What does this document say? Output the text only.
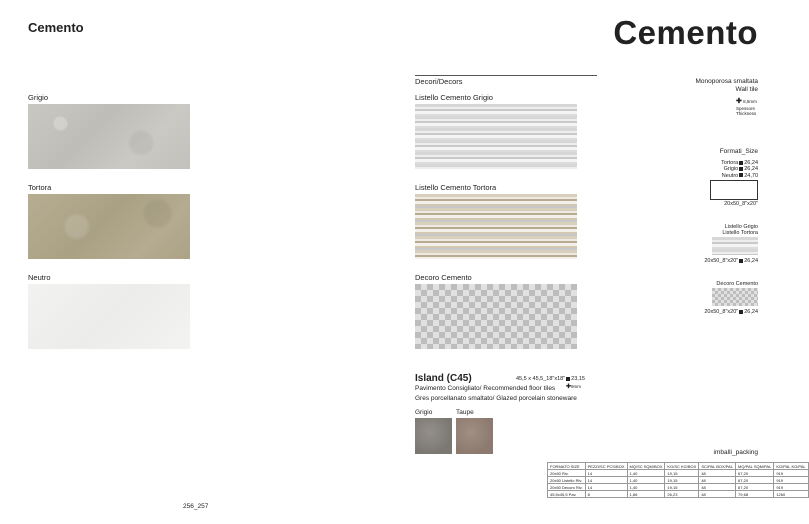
Cemento
Grigio
Tortora
Neutro
256_257
Cemento
Decori/Decors
Listello Cemento Grigio
Listello Cemento Tortora
Decoro Cemento
Monoporosa smaltata
Wall tile
✚ 8,5mm
Spessore
Thickness
Formati_Size
Tortora 26,24
Grigio 26,24
Neutro 24,70
20x50_8"x20"
Listello Grigio
Listello Tortora
20x50_8"x20" 26,24
Decoro Cemento
20x50_8"x20" 26,24
Island (C45)	45,5 x 45,5_18"x18" 23,15
✚9mm
Pavimento Consigliato/ Recommended floor tiles
Gres porcellanato smaltato/ Glazed porcelain stoneware
Grigio	Taupe
imballi_packing
FORMATO SIZE	PEZZI/SC PCS/BOX	MQ/SC SQM/BOX	KG/SC KG/BOX	SC/PAL BOX/PAL	MQ/PAL SQM/PAL	KG/PAL KG/PAL
20x50 Riv.	14	1,40	19,15	48	67,20	919
20x50 Listello Riv.	14	1,40	19,15	48	67,20	919
20x50 Decoro Riv.	14	1,40	19,15	48	67,20	919
45,5x45,5 Pav.	8	1,66	26,23	48	79,68	1260
